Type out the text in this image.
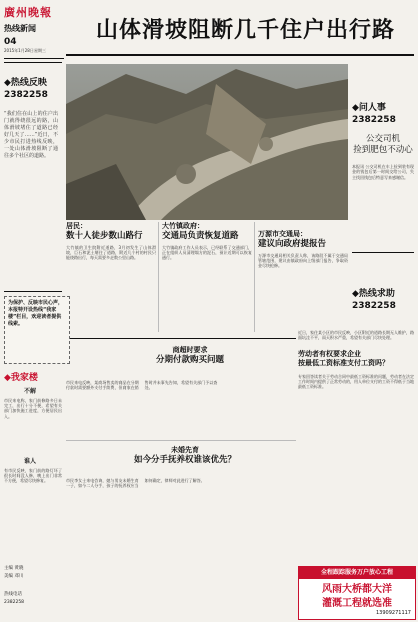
廣州晚報
热线新闻
04
2015年1月28日 星期三
山体滑坡阻断几千住户出行路
◆热线反映
2382258
“我们住在山上的住户出门就得绕很远的路，山体滑坡堵住了道路已经好几天了……”近日，不少市民打进热线反映，一处山体滑坡阻断了通往多个社区的道路。
◆问人事
2382258
公交司机
捡到肥包不动心
本报讯 公交司机在车上捡到装有现金的钱包后第一时间交给公司，失主找回钱包后特意写来感谢信。
◆热线求助
2382258
近日，家住某小区的市民反映，小区附近的道路长期无人维护，路面坑洼不平，雨天积水严重，希望有关部门尽快处理。
居民：
数十人徒步数山路行
大竹镇的卫生院附近道路，3月初发生了山体滑坡，巨石和泥土堵住了道路，附近几个村的村民只能绕路出行，每天需要多走数公里山路。
大竹镇政府：
交通局负责恢复道路
大竹镇政府工作人员表示，已经联系了交通部门，正在组织人员清理塌方的泥石，预计近期可以恢复通行。
万源市交通局：
建议向政府提报告
万源市交通局相关负责人称，该路段不属于交通局管辖范围，建议由镇政府向上级部门报告，争取资金尽快抢修。
为保护、反映市民心声，本报特开设热线“我家楼”栏目，欢迎读者提供线索。
◆我家楼
不解
市民来电称，家门前修路多日未完工，出行十分不便，希望有关部门加快施工进度，方便居民出入。
谁人
有市民反映，家门前的路灯坏了很长时间没人修，晚上出门非常不方便，希望尽快修复。
商超时要求
分期付款购买问题
市民来电反映，某商场售卖的商品在分期付款时需要额外支付手续费，但商家在销售时并未事先告知，希望有关部门予以查处。
未婚先育
如今分手抚养权谁该优先？
市民李女士来电咨询，她与男友未婚生育一子，如今二人分手，孩子的抚养权应当如何确定，律师对此进行了解答。
劳动者有权要求企业
按最低工资标准支付工资吗？
专家回答读者关于劳动合同中最低工资标准的问题，劳动者在法定工作时间内提供了正常劳动的，用人单位支付的工资不得低于当地最低工资标准。
主编 黄晓
美编 邓川
热线电话
2382258
全程跟踪服务万户放心工程
风雨大桥都大洋
灌溉工程就选准
13909271117
